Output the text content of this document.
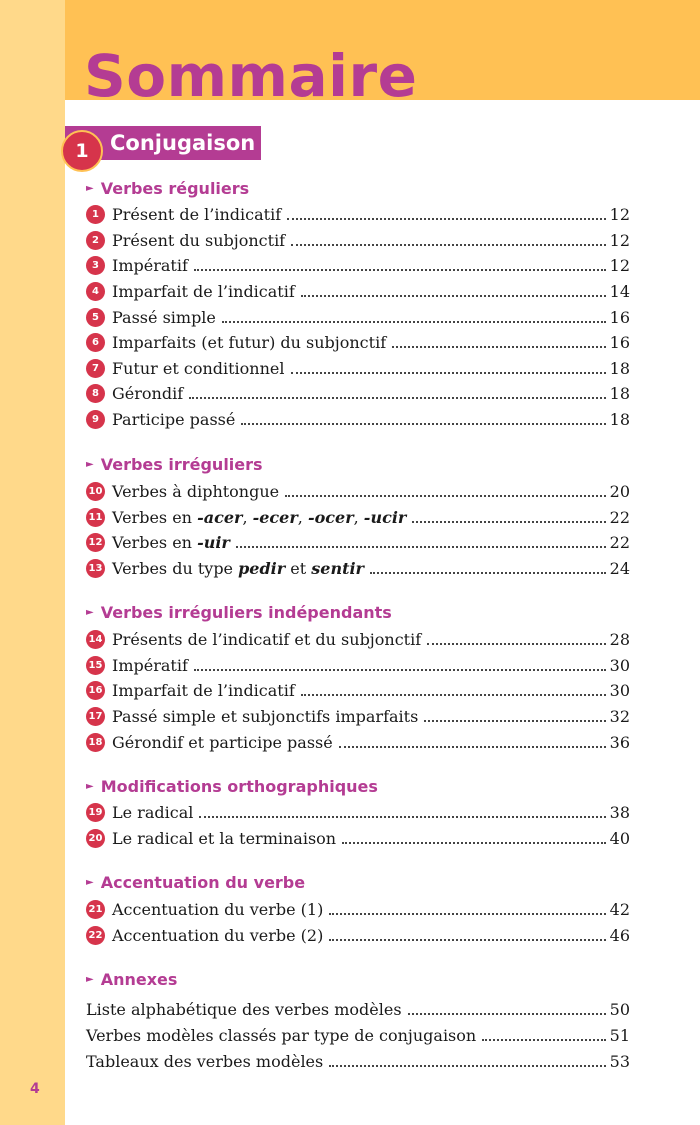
Sommaire
Conjugaison
1
► Verbes réguliers
1 Présent de l’indicatif	12
2 Présent du subjonctif	12
3 Impératif	12
4 Imparfait de l’indicatif	14
5 Passé simple	16
6 Imparfaits (et futur) du subjonctif	16
7 Futur et conditionnel	18
8 Gérondif	18
9 Participe passé	18
► Verbes irréguliers
10 Verbes à diphtongue	20
11 Verbes en -acer, -ecer, -ocer, -ucir	22
12 Verbes en -uir	22
13 Verbes du type pedir et sentir	24
► Verbes irréguliers indépendants
14 Présents de l’indicatif et du subjonctif	28
15 Impératif	30
16 Imparfait de l’indicatif	30
17 Passé simple et subjonctifs imparfaits	32
18 Gérondif et participe passé	36
► Modifications orthographiques
19 Le radical	38
20 Le radical et la terminaison	40
► Accentuation du verbe
21 Accentuation du verbe (1)	42
22 Accentuation du verbe (2)	46
► Annexes
Liste alphabétique des verbes modèles	50
Verbes modèles classés par type de conjugaison	51
Tableaux des verbes modèles	53
4
